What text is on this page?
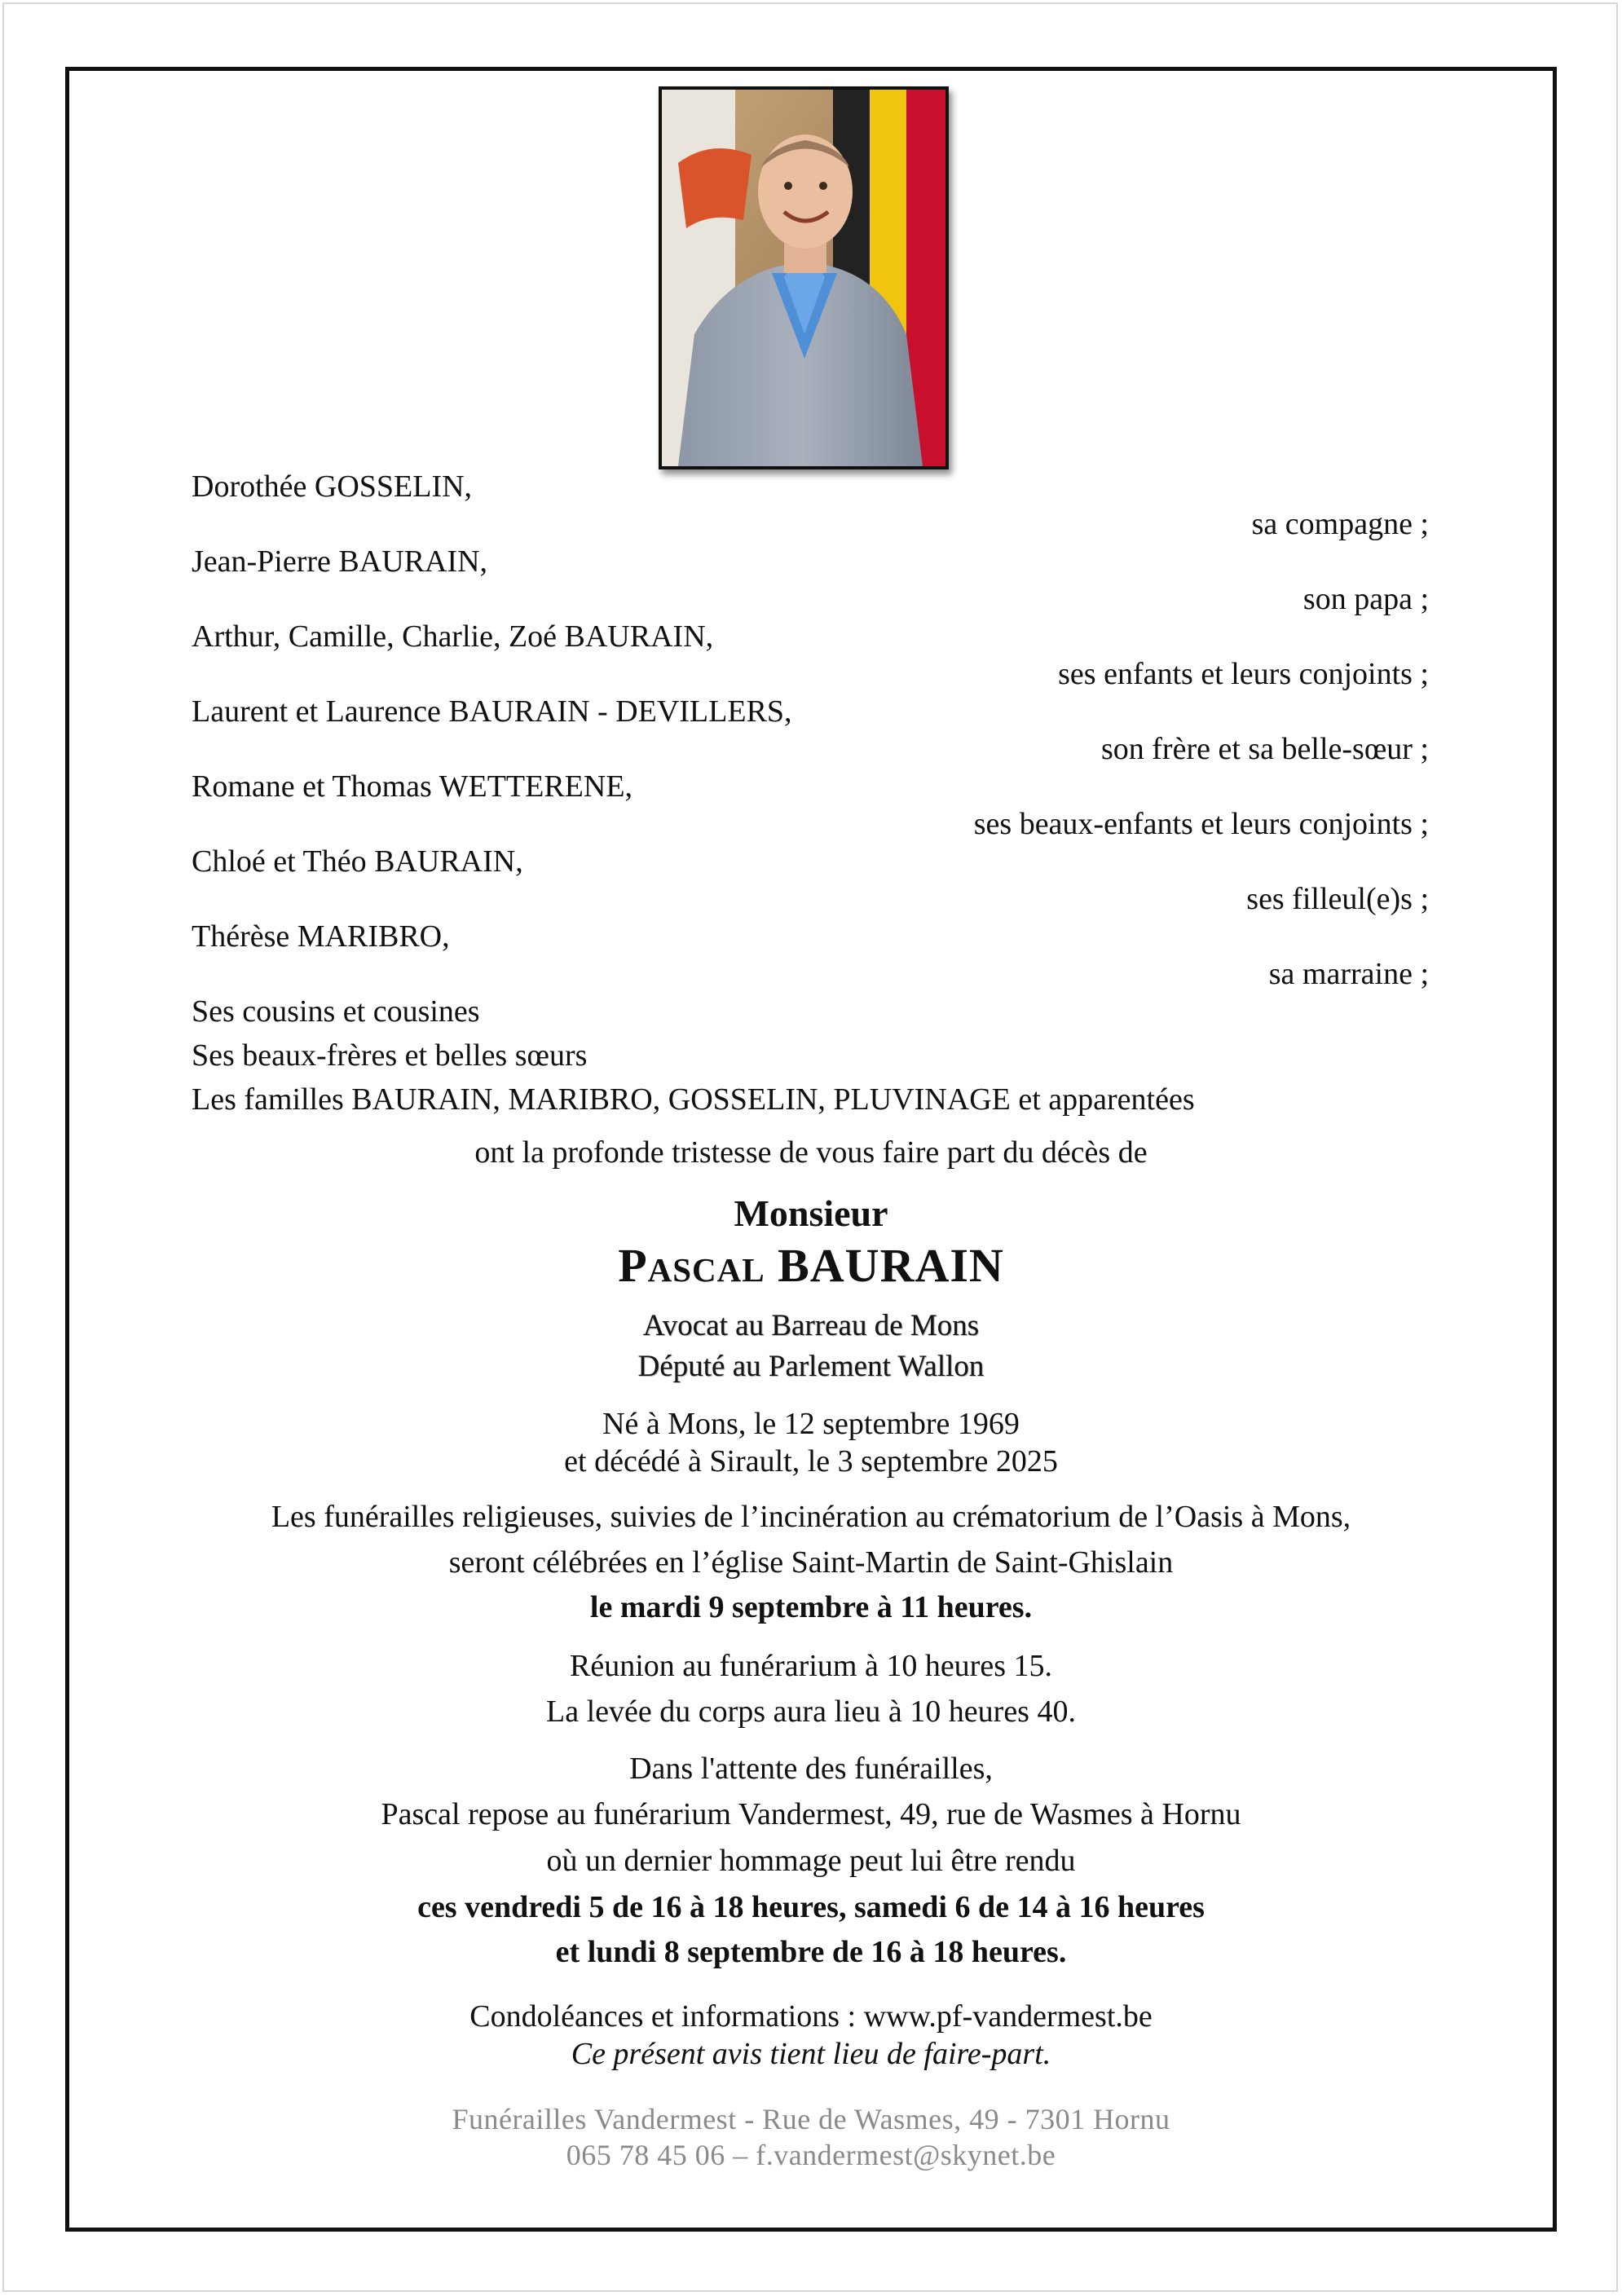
Dorothée GOSSELIN,
sa compagne ;
Jean-Pierre BAURAIN,
son papa ;
Arthur, Camille, Charlie, Zoé BAURAIN,
ses enfants et leurs conjoints ;
Laurent et Laurence BAURAIN - DEVILLERS,
son frère et sa belle-sœur ;
Romane et Thomas WETTERENE,
ses beaux-enfants et leurs conjoints ;
Chloé et Théo BAURAIN,
ses filleul(e)s ;
Thérèse MARIBRO,
sa marraine ;
Ses cousins et cousines
Ses beaux-frères et belles sœurs
Les familles BAURAIN, MARIBRO, GOSSELIN, PLUVINAGE et apparentées
ont la profonde tristesse de vous faire part du décès de
Monsieur
Pascal BAURAIN
Avocat au Barreau de Mons
Député au Parlement Wallon
Né à Mons, le 12 septembre 1969
et décédé à Sirault, le 3 septembre 2025
Les funérailles religieuses, suivies de l’incinération au crématorium de l’Oasis à Mons,
seront célébrées en l’église Saint-Martin de Saint-Ghislain
le mardi 9 septembre à 11 heures.
Réunion au funérarium à 10 heures 15.
La levée du corps aura lieu à 10 heures 40.
Dans l'attente des funérailles,
Pascal repose au funérarium Vandermest, 49, rue de Wasmes à Hornu
où un dernier hommage peut lui être rendu
ces vendredi 5 de 16 à 18 heures, samedi 6 de 14 à 16 heures
et lundi 8 septembre de 16 à 18 heures.
Condoléances et informations : www.pf-vandermest.be
Ce présent avis tient lieu de faire-part.
Funérailles Vandermest - Rue de Wasmes, 49 - 7301 Hornu
065 78 45 06 – f.vandermest@skynet.be
